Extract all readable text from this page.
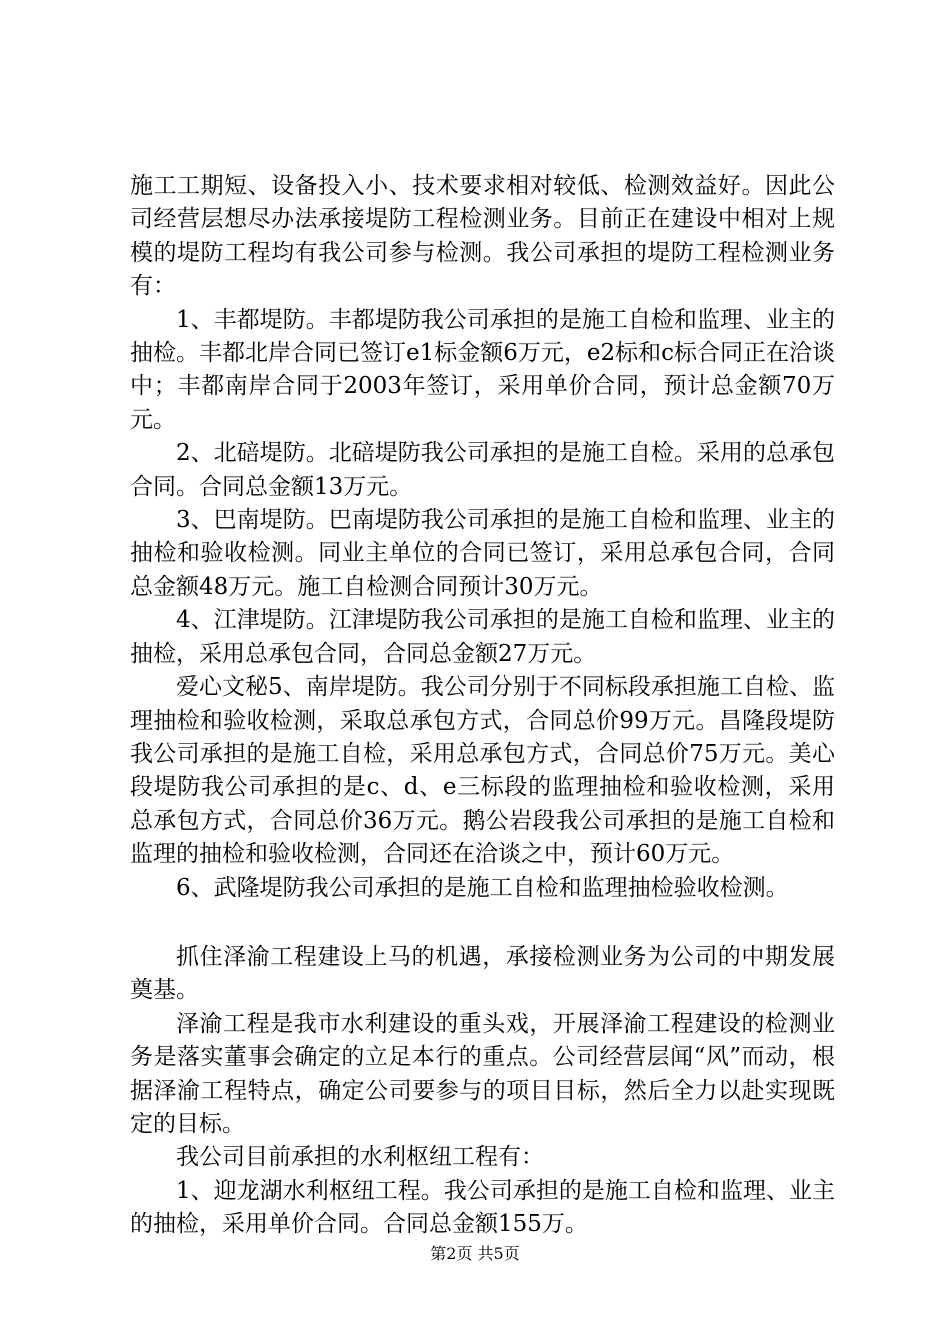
施工工期短、设备投入小、技术要求相对较低、检测效益好。因此公司经营层想尽办法承接堤防工程检测业务。目前正在建设中相对上规模的堤防工程均有我公司参与检测。我公司承担的堤防工程检测业务有：

1、丰都堤防。丰都堤防我公司承担的是施工自检和监理、业主的抽检。丰都北岸合同已签订e1标金额6万元，e2标和c标合同正在洽谈中；丰都南岸合同于2003年签订，采用单价合同，预计总金额70万元。

2、北碚堤防。北碚堤防我公司承担的是施工自检。采用的总承包合同。合同总金额13万元。

3、巴南堤防。巴南堤防我公司承担的是施工自检和监理、业主的抽检和验收检测。同业主单位的合同已签订，采用总承包合同，合同总金额48万元。施工自检测合同预计30万元。

4、江津堤防。江津堤防我公司承担的是施工自检和监理、业主的抽检，采用总承包合同，合同总金额27万元。

爱心文秘5、南岸堤防。我公司分别于不同标段承担施工自检、监理抽检和验收检测，采取总承包方式，合同总价99万元。昌隆段堤防我公司承担的是施工自检，采用总承包方式，合同总价75万元。美心段堤防我公司承担的是c、d、e三标段的监理抽检和验收检测，采用总承包方式，合同总价36万元。鹅公岩段我公司承担的是施工自检和监理的抽检和验收检测，合同还在洽谈之中，预计60万元。

6、武隆堤防我公司承担的是施工自检和监理抽检验收检测。

抓住泽渝工程建设上马的机遇，承接检测业务为公司的中期发展奠基。

泽渝工程是我市水利建设的重头戏，开展泽渝工程建设的检测业务是落实董事会确定的立足本行的重点。公司经营层闻“风”而动，根据泽渝工程特点，确定公司要参与的项目目标，然后全力以赴实现既定的目标。

我公司目前承担的水利枢纽工程有：

1、迎龙湖水利枢纽工程。我公司承担的是施工自检和监理、业主的抽检，采用单价合同。合同总金额155万。

第2页 共5页
